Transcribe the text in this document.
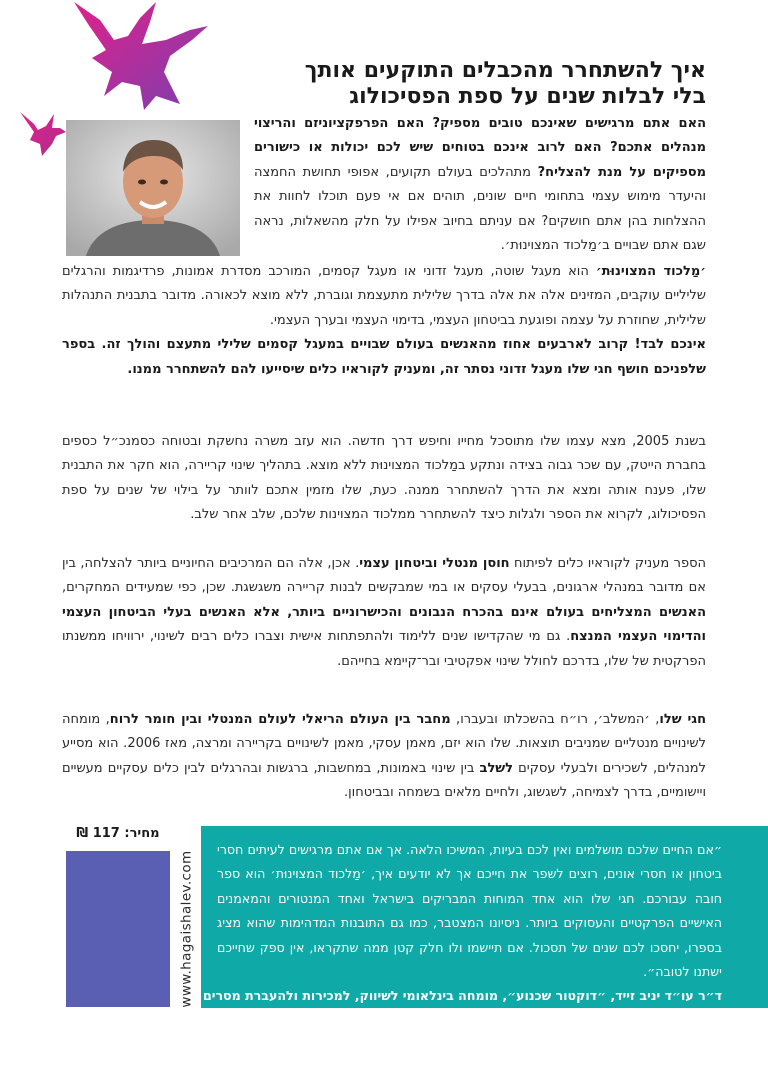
איך להשתחרר מהכבלים התוקעים אותך
בלי לבלות שנים על ספת הפסיכולוג
האם אתם מרגישים שאינכם טובים מספיק? האם הפרפקציוניזם והריצוי מנהלים אתכם? האם לרוב אינכם בטוחים שיש לכם יכולות או כישורים מספיקים על מנת להצליח? מתהלכים בעולם תקועים, אפופי תחושת החמצה והיעדר מימוש עצמי בתחומי חיים שונים, תוהים אם אי פעם תוכלו לחוות את ההצלחות בהן אתם חושקים? אם עניתם בחיוב אפילו על חלק מהשאלות, נראה שגם אתם שבויים ב׳מַלכוד המצוינוּת׳.

׳מַלכוד המצוינוּת׳ הוא מעגל שוטה, מעגל זדוני או מעגל קסמים, המורכב מסדרת אמונות, פרדיגמות והרגלים שליליים עוקבים, המזינים אלה את אלה בדרך שלילית מתעצמת וגוברת, ללא מוצא לכאורה. מדובר בתבנית התנהלות שלילית, שחוזרת על עצמה ופוגעת בביטחון העצמי, בדימוי העצמי ובערך העצמי.

אינכם לבד! קרוב לארבעים אחוז מהאנשים בעולם שבויים במעגל קסמים שלילי מתעצם והולך זה. בספר שלפניכם חושף חגי שלו מעגל זדוני נסתר זה, ומעניק לקוראיו כלים שיסייעו להם להשתחרר ממנו.

בשנת 2005, מצא עצמו שלו מתוסכל מחייו וחיפש דרך חדשה. הוא עזב משרה נחשקת ובטוחה כסמנכ״ל כספים בחברת הייטק, עם שכר גבוה בצידה ונתקע במַלכוד המצוינוּת ללא מוצא. בתהליך שינוי קריירה, הוא חקר את התבנית שלו, פענח אותה ומצא את הדרך להשתחרר ממנה. כעת, שלו מזמין אתכם לוותר על בילוי של שנים על ספת הפסיכולוג, לקרוא את הספר ולגלות כיצד להשתחרר ממלכוד המצוינות שלכם, שלב אחר שלב.

הספר מעניק לקוראיו כלים לפיתוח חוסן מנטלי וביטחון עצמי. אכן, אלה הם המרכיבים החיוניים ביותר להצלחה, בין אם מדובר במנהלי ארגונים, בבעלי עסקים או במי שמבקשים לבנות קריירה משגשגת. שכן, כפי שמעידים המחקרים, האנשים המצליחים בעולם אינם בהכרח הנבונים והכישרוניים ביותר, אלא האנשים בעלי הביטחון העצמי והדימוי העצמי המנצח. גם מי שהקדישו שנים ללימוד ולהתפתחות אישית וצברו כלים רבים לשינוי, ירוויחו ממשנתו הפרקטית של שלו, בדרכם לחולל שינוי אפקטיבי ובר־קיימא בחייהם.

חגי שלו, ׳המשלב׳, רו״ח בהשכלתו ובעברו, מחבר בין העולם הריאלי לעולם המנטלי ובין חומר לרוח, מומחה לשינויים מנטליים שמניבים תוצאות. שלו הוא יזם, מאמן עסקי, מאמן לשינויים בקריירה ומרצה, מאז 2006. הוא מסייע למנהלים, לשכירים ולבעלי עסקים לשלב בין שינוי באמונות, במחשבות, ברגשות ובהרגלים לבין כלים עסקיים מעשיים ויישומיים, בדרך לצמיחה, לשגשוג, ולחיים מלאים בשמחה ובביטחון.

מחיר: 117 ₪
www.hagaishalev.com
״אם החיים שלכם מושלמים ואין לכם בעיות, המשיכו הלאה. אך אם אתם מרגישים לעיתים חסרי ביטחון או חסרי אונים, רוצים לשפר את חייכם אך לא יודעים איך, ׳מַלכוד המצוינוּת׳ הוא ספר חובה עבורכם. חגי שלו הוא אחד המוחות המבריקים בישראל ואחד המנטורים והמאמנים האישיים הפרקטיים והעסוקים ביותר. ניסיונו המצטבר, כמו גם התובנות המדהימות שהוא מציג בספרו, יחסכו לכם שנים של תסכול. אם תיישמו ולו חלק קטן ממה שתקראו, אין ספק שחייכם ישתנו לטובה״.
ד״ר עו״ד יניב זייד, ״דוקטור שכנוע״, מומחה בינלאומי לשיווק, למכירות ולהעברת מסרים
